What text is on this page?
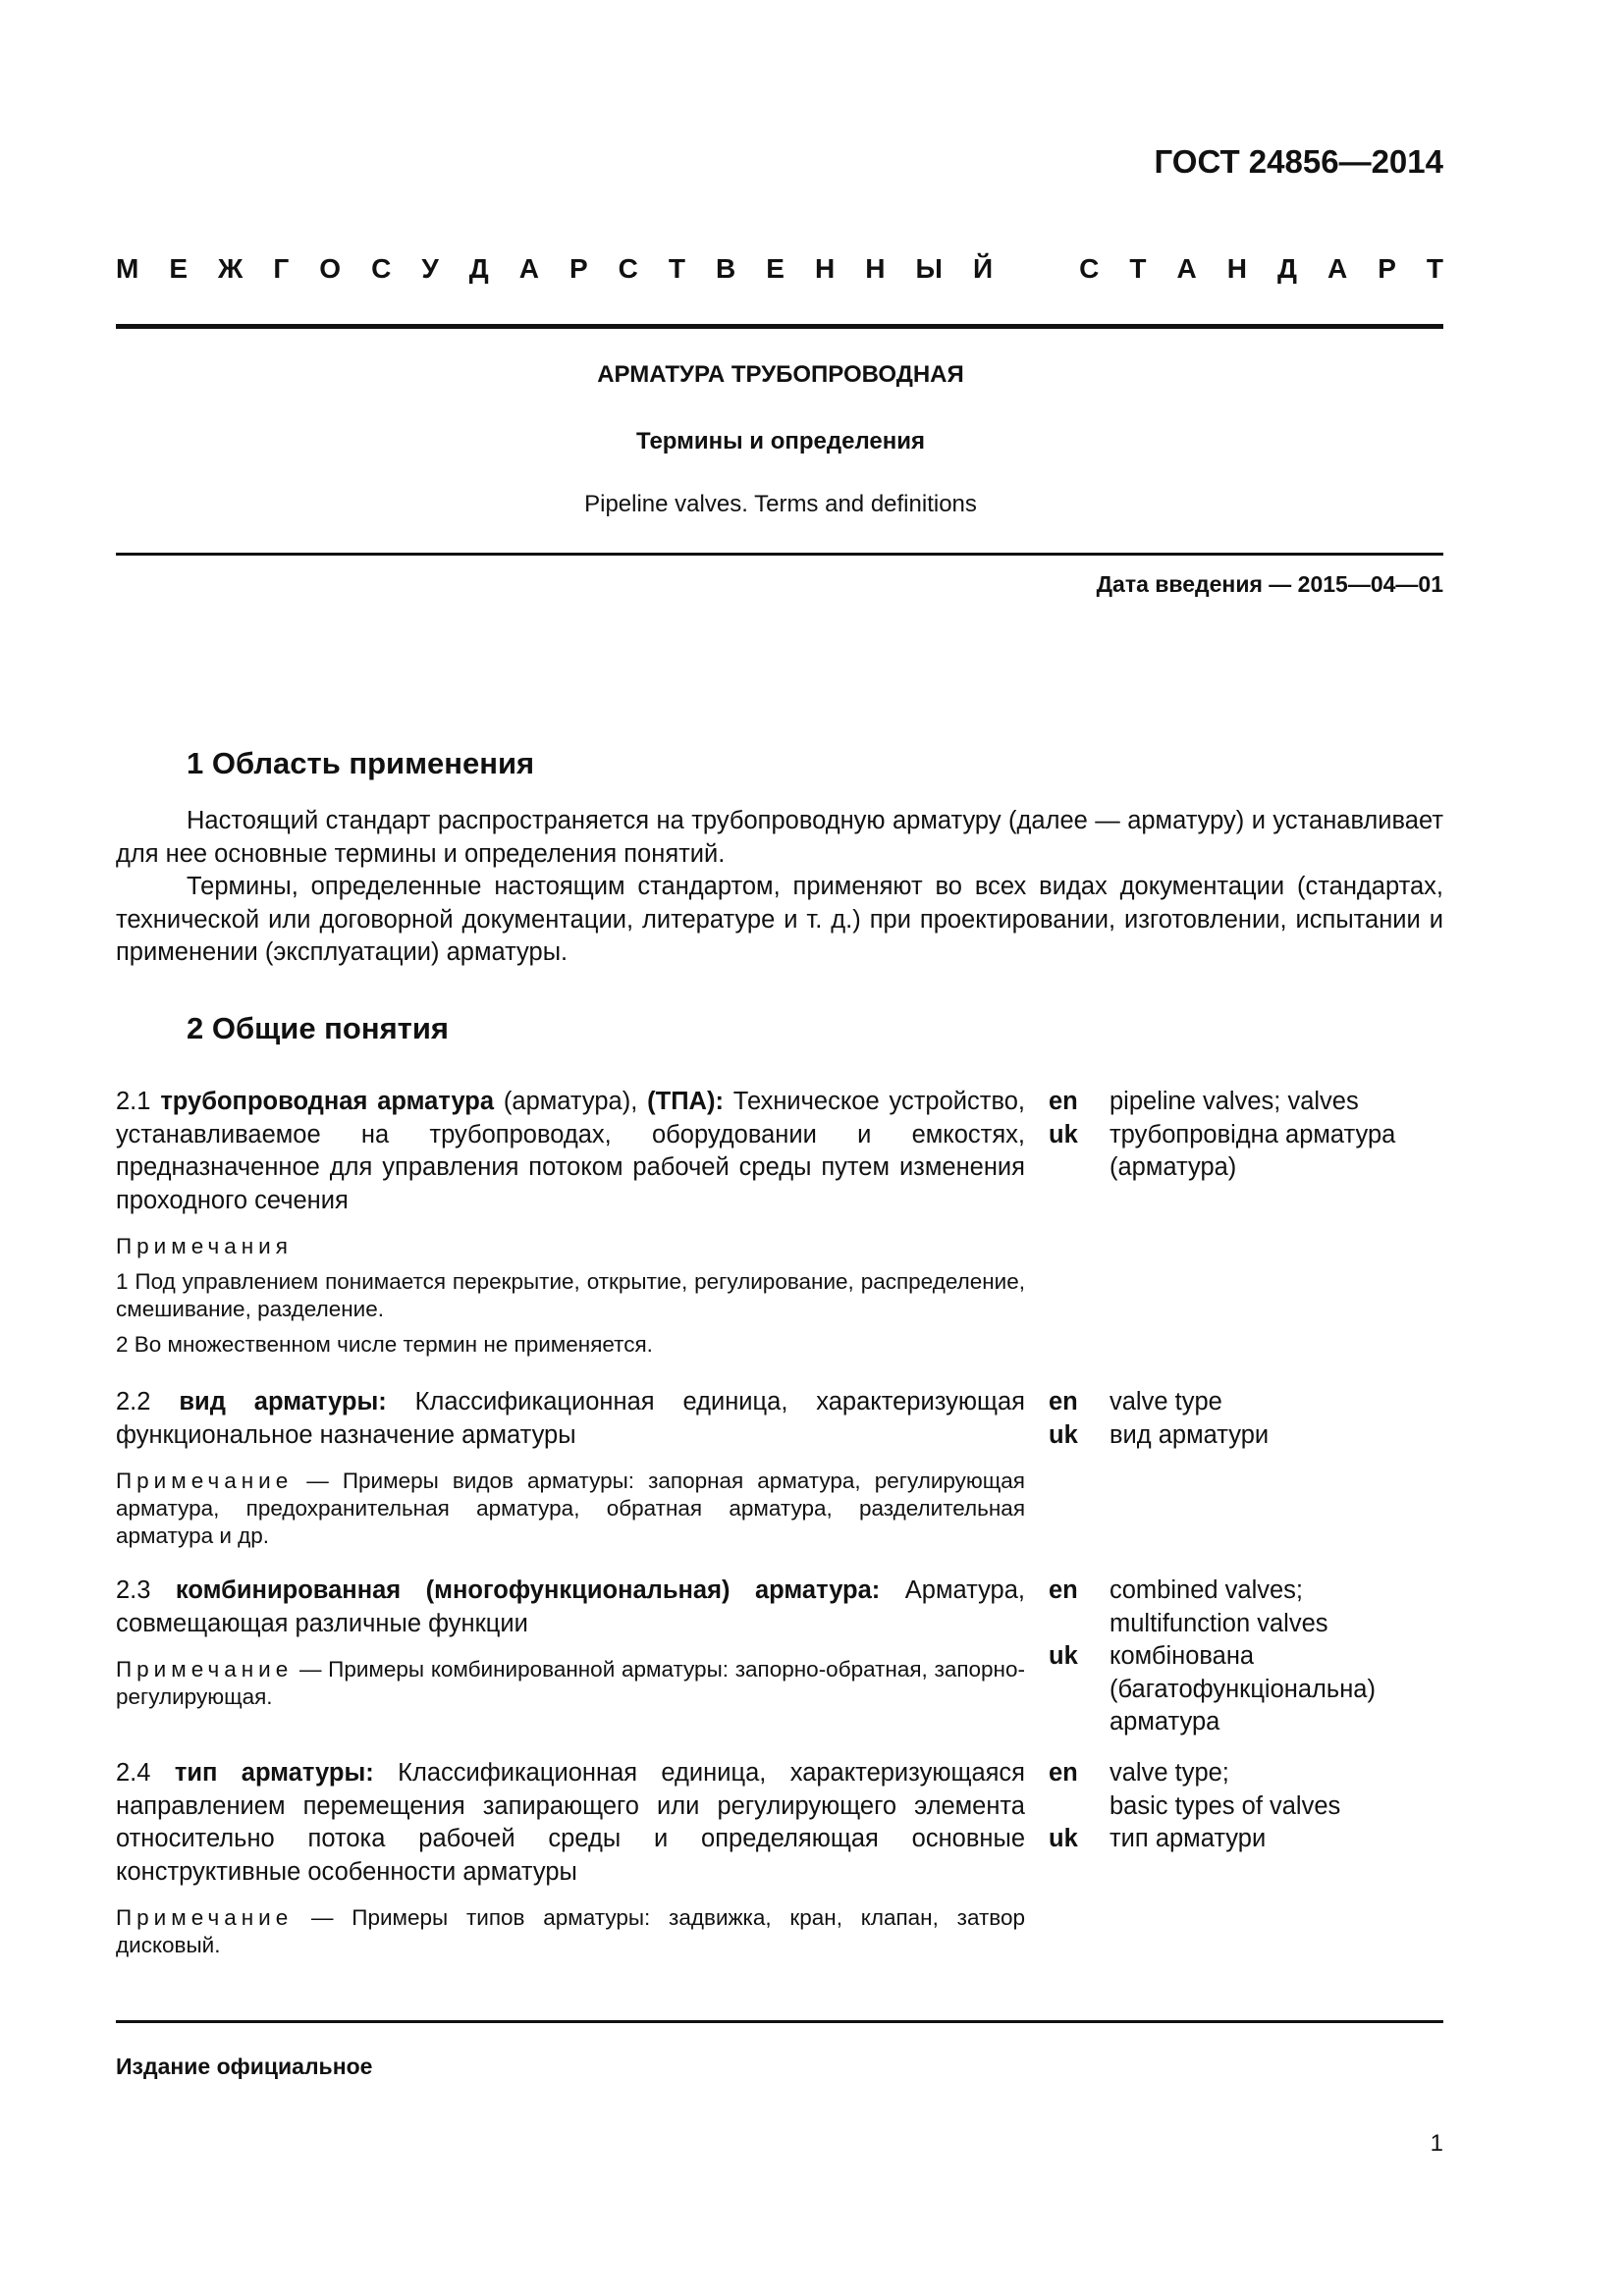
ГОСТ 24856—2014
М Е Ж Г О С У Д А Р С Т В Е Н Н Ы Й	С Т А Н Д А Р Т
АРМАТУРА ТРУБОПРОВОДНАЯ
Термины и определения
Pipeline valves. Terms and definitions
Дата введения — 2015—04—01
1 Область применения

Настоящий стандарт распространяется на трубопроводную арматуру (далее — арматуру) и устанавливает для нее основные термины и определения понятий.

Термины, определенные настоящим стандартом, применяют во всех видах документации (стандартах, технической или договорной документации, литературе и т. д.) при проектировании, изготовлении, испытании и применении (эксплуатации) арматуры.

2 Общие понятия

2.1 трубопроводная арматура (арматура), (ТПА): Техническое устройство, устанавливаемое на трубопроводах, оборудовании и емкостях, предназначенное для управления потоком рабочей среды путем изменения проходного сечения

Примечания

1 Под управлением понимается перекрытие, открытие, регулирование, распределение, смешивание, разделение.

2 Во множественном числе термин не применяется.

en
uk
pipeline valves; valves
трубопровідна арматура
(арматура)

2.2 вид арматуры: Классификационная единица, характеризующая функциональное назначение арматуры

Примечание — Примеры видов арматуры: запорная арматура, регулирующая арматура, предохранительная арматура, обратная арматура, разделительная арматура и др.

en
uk
valve type
вид арматури

2.3 комбинированная (многофункциональная) арматура: Арматура, совмещающая различные функции

Примечание — Примеры комбинированной арматуры: запорно-обратная, запорно-регулирующая.

en
uk
combined valves;
multifunction valves
комбінована
(багатофункціональна)
арматура

2.4 тип арматуры: Классификационная единица, характеризующаяся направлением перемещения запирающего или регулирующего элемента относительно потока рабочей среды и определяющая основные конструктивные особенности арматуры

Примечание — Примеры типов арматуры: задвижка, кран, клапан, затвор дисковый.

en
uk
valve type;
basic types of valves
тип арматури
Издание официальное
1
